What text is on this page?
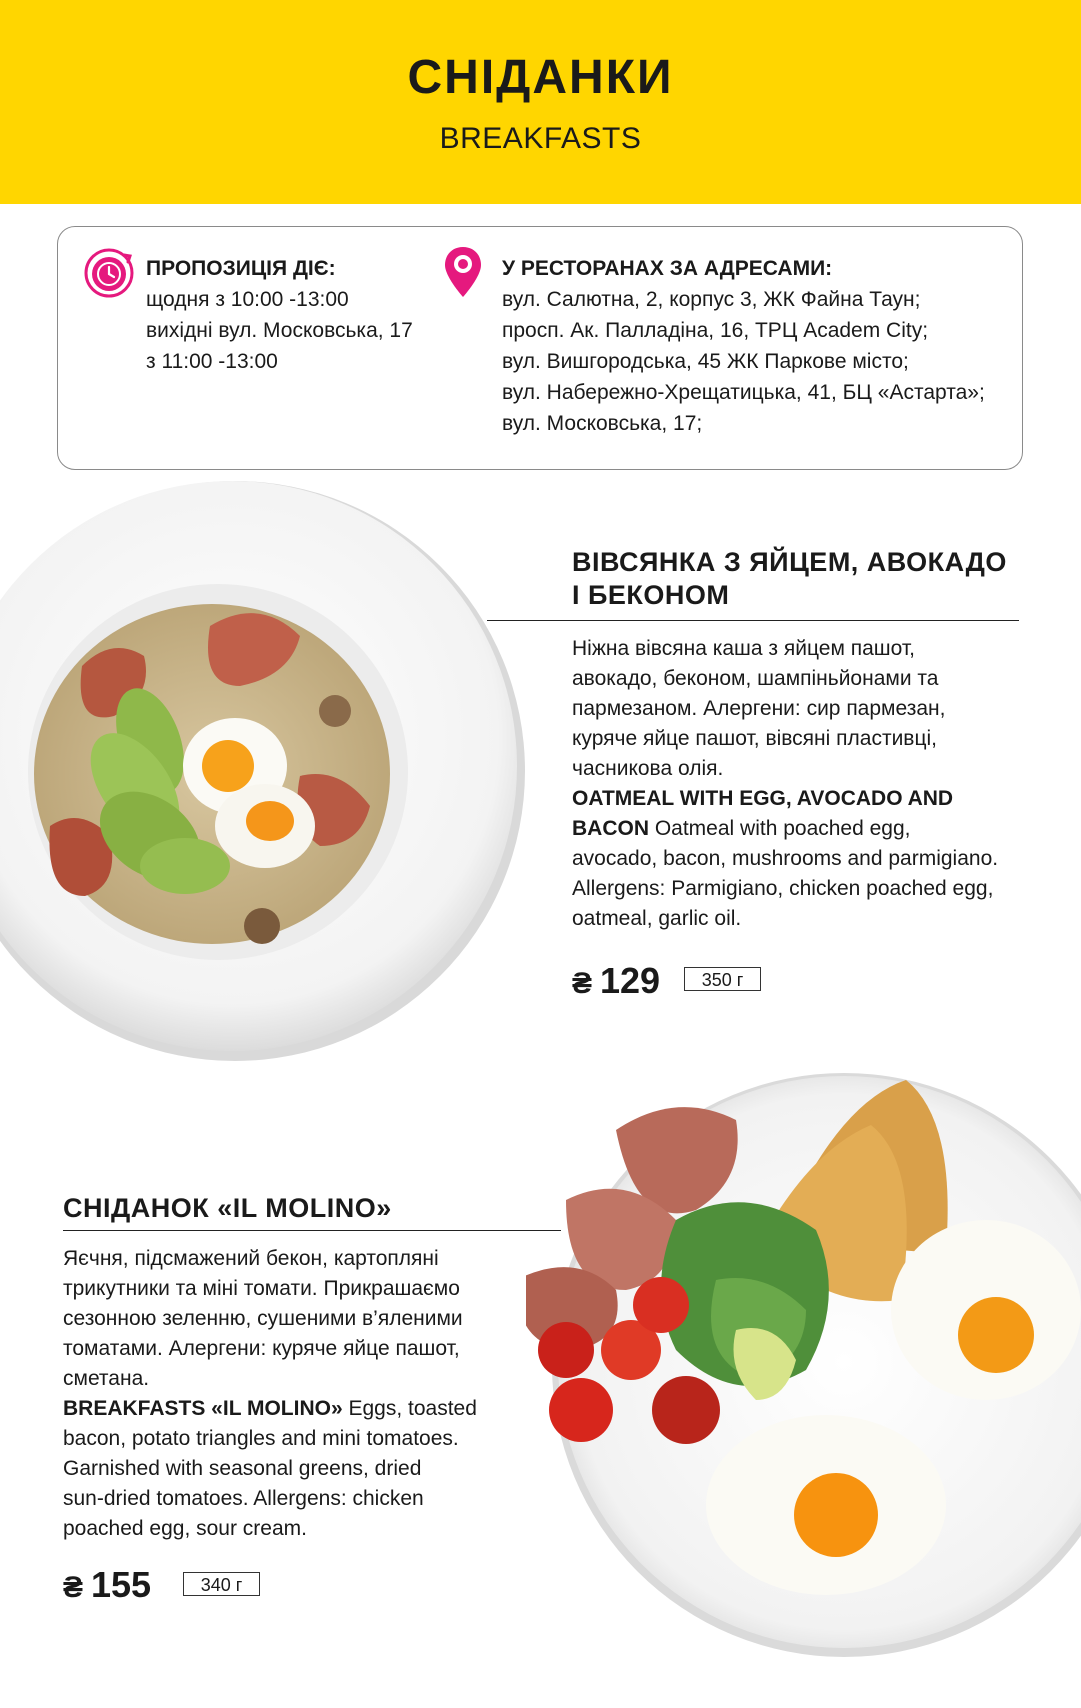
СНІДАНКИ
BREAKFASTS
ПРОПОЗИЦІЯ ДІЄ:
щодня з 10:00 -13:00
вихідні вул. Московська, 17
з 11:00 -13:00
У РЕСТОРАНАХ ЗА АДРЕСАМИ:
вул. Салютна, 2, корпус 3, ЖК Файна Таун;
просп. Ак. Палладіна, 16, ТРЦ Academ City;
вул. Вишгородська, 45 ЖК Паркове місто;
вул. Набережно-Хрещатицька, 41, БЦ «Астарта»;
вул. Московська, 17;
ВІВСЯНКА З ЯЙЦЕМ, АВОКАДО
І БЕКОНОМ
Ніжна вівсяна каша з яйцем пашот,
авокадо, беконом, шампіньйонами та
пармезаном. Алергени: сир пармезан,
куряче яйце пашот, вівсяні пластивці,
часникова олія.
OATMEAL WITH EGG, AVOCADO AND
BACON Oatmeal with poached egg,
avocado, bacon, mushrooms and parmigiano.
Allergens: Parmigiano, chicken poached egg,
oatmeal, garlic oil.
₴ 129	350 г
СНІДАНОК «IL MOLINO»
Яєчня, підсмажений бекон, картопляні
трикутники та міні томати. Прикрашаємо
сезонною зеленню, сушеними в’яленими
томатами. Алергени: куряче яйце пашот,
сметана.
BREAKFASTS «IL MOLINO» Eggs, toasted
bacon, potato triangles and mini tomatoes.
Garnished with seasonal greens, dried
sun-dried tomatoes. Allergens: chicken
poached egg, sour cream.
₴ 155	340 г
